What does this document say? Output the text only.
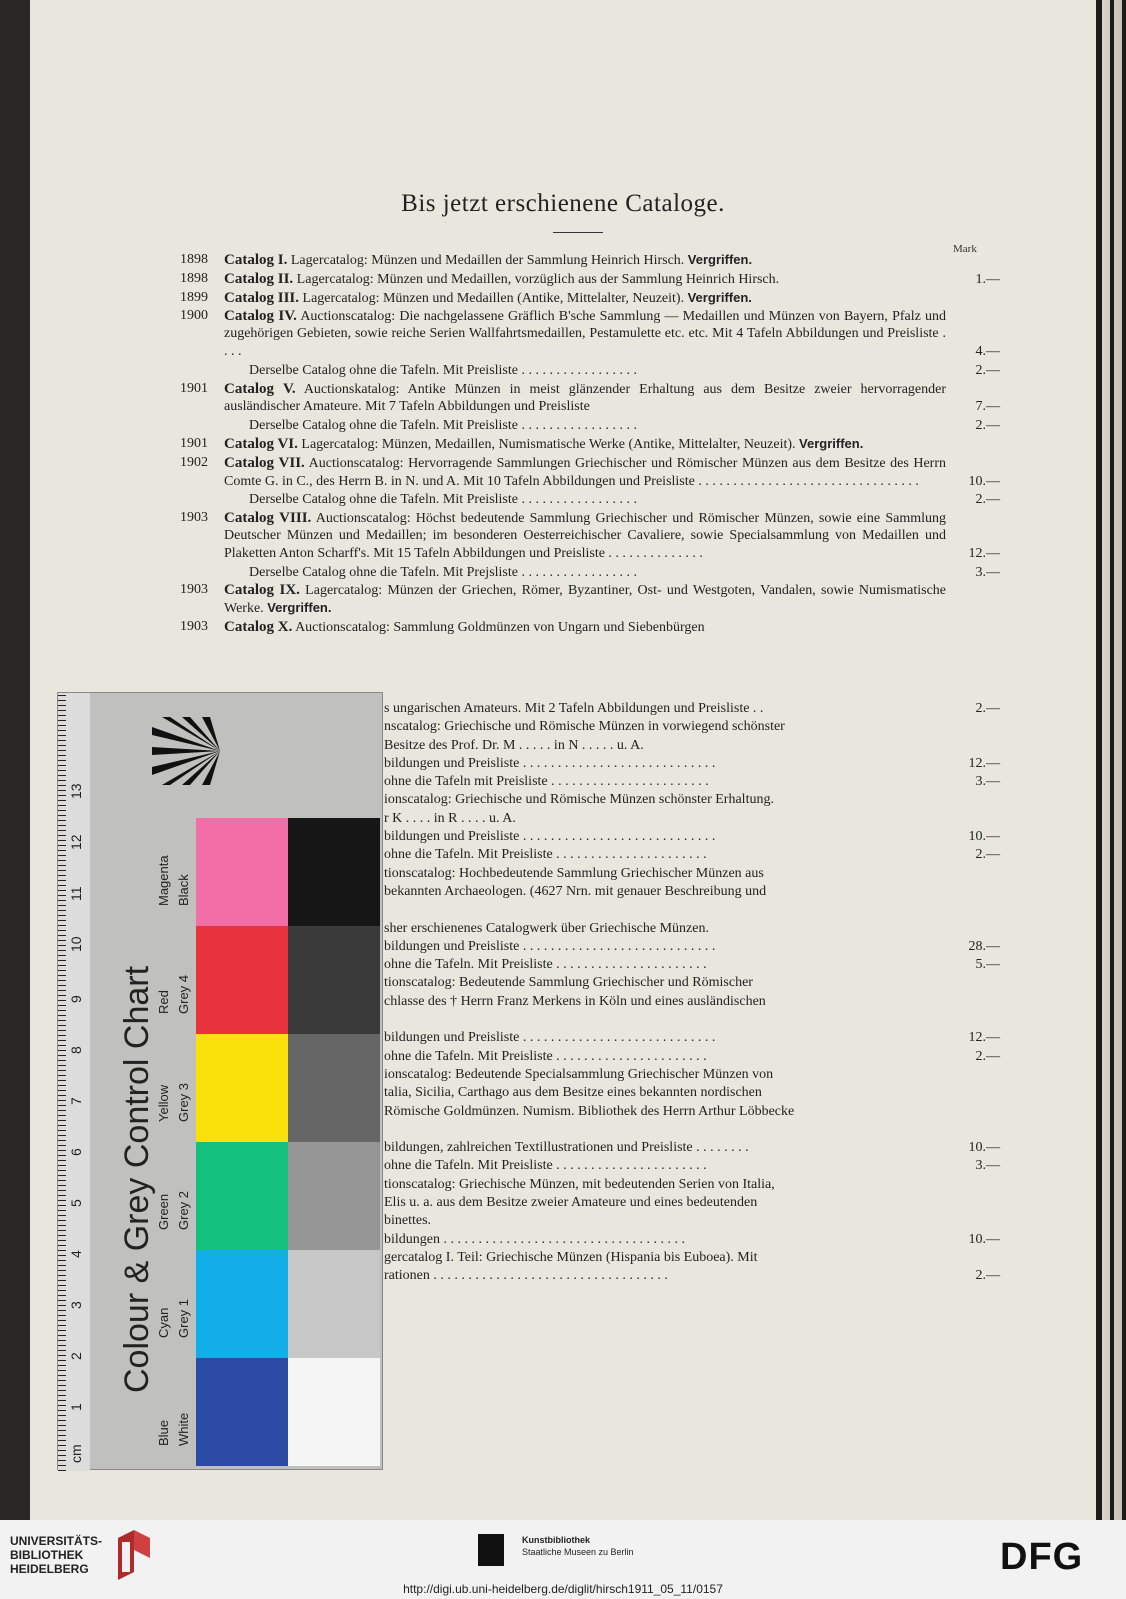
Bis jetzt erschienene Cataloge.
Mark
1898	Catalog I. Lagercatalog: Münzen und Medaillen der Sammlung Heinrich Hirsch. Vergriffen.
1898	Catalog II. Lagercatalog: Münzen und Medaillen, vorzüglich aus der Sammlung Heinrich Hirsch.	1.—
1899	Catalog III. Lagercatalog: Münzen und Medaillen (Antike, Mittelalter, Neuzeit). Vergriffen.
1900	Catalog IV. Auctionscatalog: Die nachgelassene Gräflich B'sche Sammlung — Medaillen und Münzen von Bayern, Pfalz und zugehörigen Gebieten, sowie reiche Serien Wallfahrtsmedaillen, Pestamulette etc. etc. Mit 4 Tafeln Abbildungen und Preisliste . . . .	4.—
Derselbe Catalog ohne die Tafeln. Mit Preisliste . . . . . . . . . . . . . . . . .	2.—
1901	Catalog V. Auctionskatalog: Antike Münzen in meist glänzender Erhaltung aus dem Besitze zweier hervorragender ausländischer Amateure. Mit 7 Tafeln Abbildungen und Preisliste	7.—
Derselbe Catalog ohne die Tafeln. Mit Preisliste . . . . . . . . . . . . . . . . .	2.—
1901	Catalog VI. Lagercatalog: Münzen, Medaillen, Numismatische Werke (Antike, Mittelalter, Neuzeit). Vergriffen.
1902	Catalog VII. Auctionscatalog: Hervorragende Sammlungen Griechischer und Römischer Münzen aus dem Besitze des Herrn Comte G. in C., des Herrn B. in N. und A. Mit 10 Tafeln Abbildungen und Preisliste . . . . . . . . . . . . . . . . . . . . . . . . . . . . . . . .	10.—
Derselbe Catalog ohne die Tafeln. Mit Preisliste . . . . . . . . . . . . . . . . .	2.—
1903	Catalog VIII. Auctionscatalog: Höchst bedeutende Sammlung Griechischer und Römischer Münzen, sowie eine Sammlung Deutscher Münzen und Medaillen; im besonderen Oesterreichischer Cavaliere, sowie Specialsammlung von Medaillen und Plaketten Anton Scharff's. Mit 15 Tafeln Abbildungen und Preisliste . . . . . . . . . . . . . .	12.—
Derselbe Catalog ohne die Tafeln. Mit Prejsliste . . . . . . . . . . . . . . . . .	3.—
1903	Catalog IX. Lagercatalog: Münzen der Griechen, Römer, Byzantiner, Ost- und Westgoten, Vandalen, sowie Numismatische Werke. Vergriffen.
1903	Catalog X. Auctionscatalog: Sammlung Goldmünzen von Ungarn und Siebenbürgen
s ungarischen Amateurs. Mit 2 Tafeln Abbildungen und Preisliste . .	2.—
nscatalog: Griechische und Römische Münzen in vorwiegend schönster
Besitze des Prof. Dr. M . . . . . in N . . . . . u. A.
bildungen und Preisliste . . . . . . . . . . . . . . . . . . . . . . . . . . . .	12.—
ohne die Tafeln mit Preisliste . . . . . . . . . . . . . . . . . . . . . . .	3.—
ionscatalog: Griechische und Römische Münzen schönster Erhaltung.
r K . . . . in R . . . . u. A.
bildungen und Preisliste . . . . . . . . . . . . . . . . . . . . . . . . . . . .	10.—
ohne die Tafeln. Mit Preisliste . . . . . . . . . . . . . . . . . . . . . .	2.—
tionscatalog: Hochbedeutende Sammlung Griechischer Münzen aus
bekannten Archaeologen. (4627 Nrn. mit genauer Beschreibung und
sher erschienenes Catalogwerk über Griechische Münzen.
bildungen und Preisliste . . . . . . . . . . . . . . . . . . . . . . . . . . . .	28.—
ohne die Tafeln. Mit Preisliste . . . . . . . . . . . . . . . . . . . . . .	5.—
tionscatalog: Bedeutende Sammlung Griechischer und Römischer
chlasse des † Herrn Franz Merkens in Köln und eines ausländischen
bildungen und Preisliste . . . . . . . . . . . . . . . . . . . . . . . . . . . .	12.—
ohne die Tafeln. Mit Preisliste . . . . . . . . . . . . . . . . . . . . . .	2.—
ionscatalog: Bedeutende Specialsammlung Griechischer Münzen von
talia, Sicilia, Carthago aus dem Besitze eines bekannten nordischen
Römische Goldmünzen. Numism. Bibliothek des Herrn Arthur Löbbecke
bildungen, zahlreichen Textillustrationen und Preisliste . . . . . . . .	10.—
ohne die Tafeln. Mit Preisliste . . . . . . . . . . . . . . . . . . . . . .	3.—
tionscatalog: Griechische Münzen, mit bedeutenden Serien von Italia,
Elis u. a. aus dem Besitze zweier Amateure und eines bedeutenden
binettes.
bildungen . . . . . . . . . . . . . . . . . . . . . . . . . . . . . . . . . . .	10.—
gercatalog I. Teil: Griechische Münzen (Hispania bis Euboea). Mit
rationen . . . . . . . . . . . . . . . . . . . . . . . . . . . . . . . . . .	2.—
1
2
3
4
5
6
7
8
9
10
11
12
13
cm
Colour & Grey Control Chart
Blue White
Cyan Grey 1
Green Grey 2
Yellow Grey 3
Red Grey 4
Magenta Black
UNIVERSITÄTS-
BIBLIOTHEK
HEIDELBERG
Kunstbibliothek
Staatliche Museen zu Berlin	DFG
http://digi.ub.uni-heidelberg.de/diglit/hirsch1911_05_11/0157
